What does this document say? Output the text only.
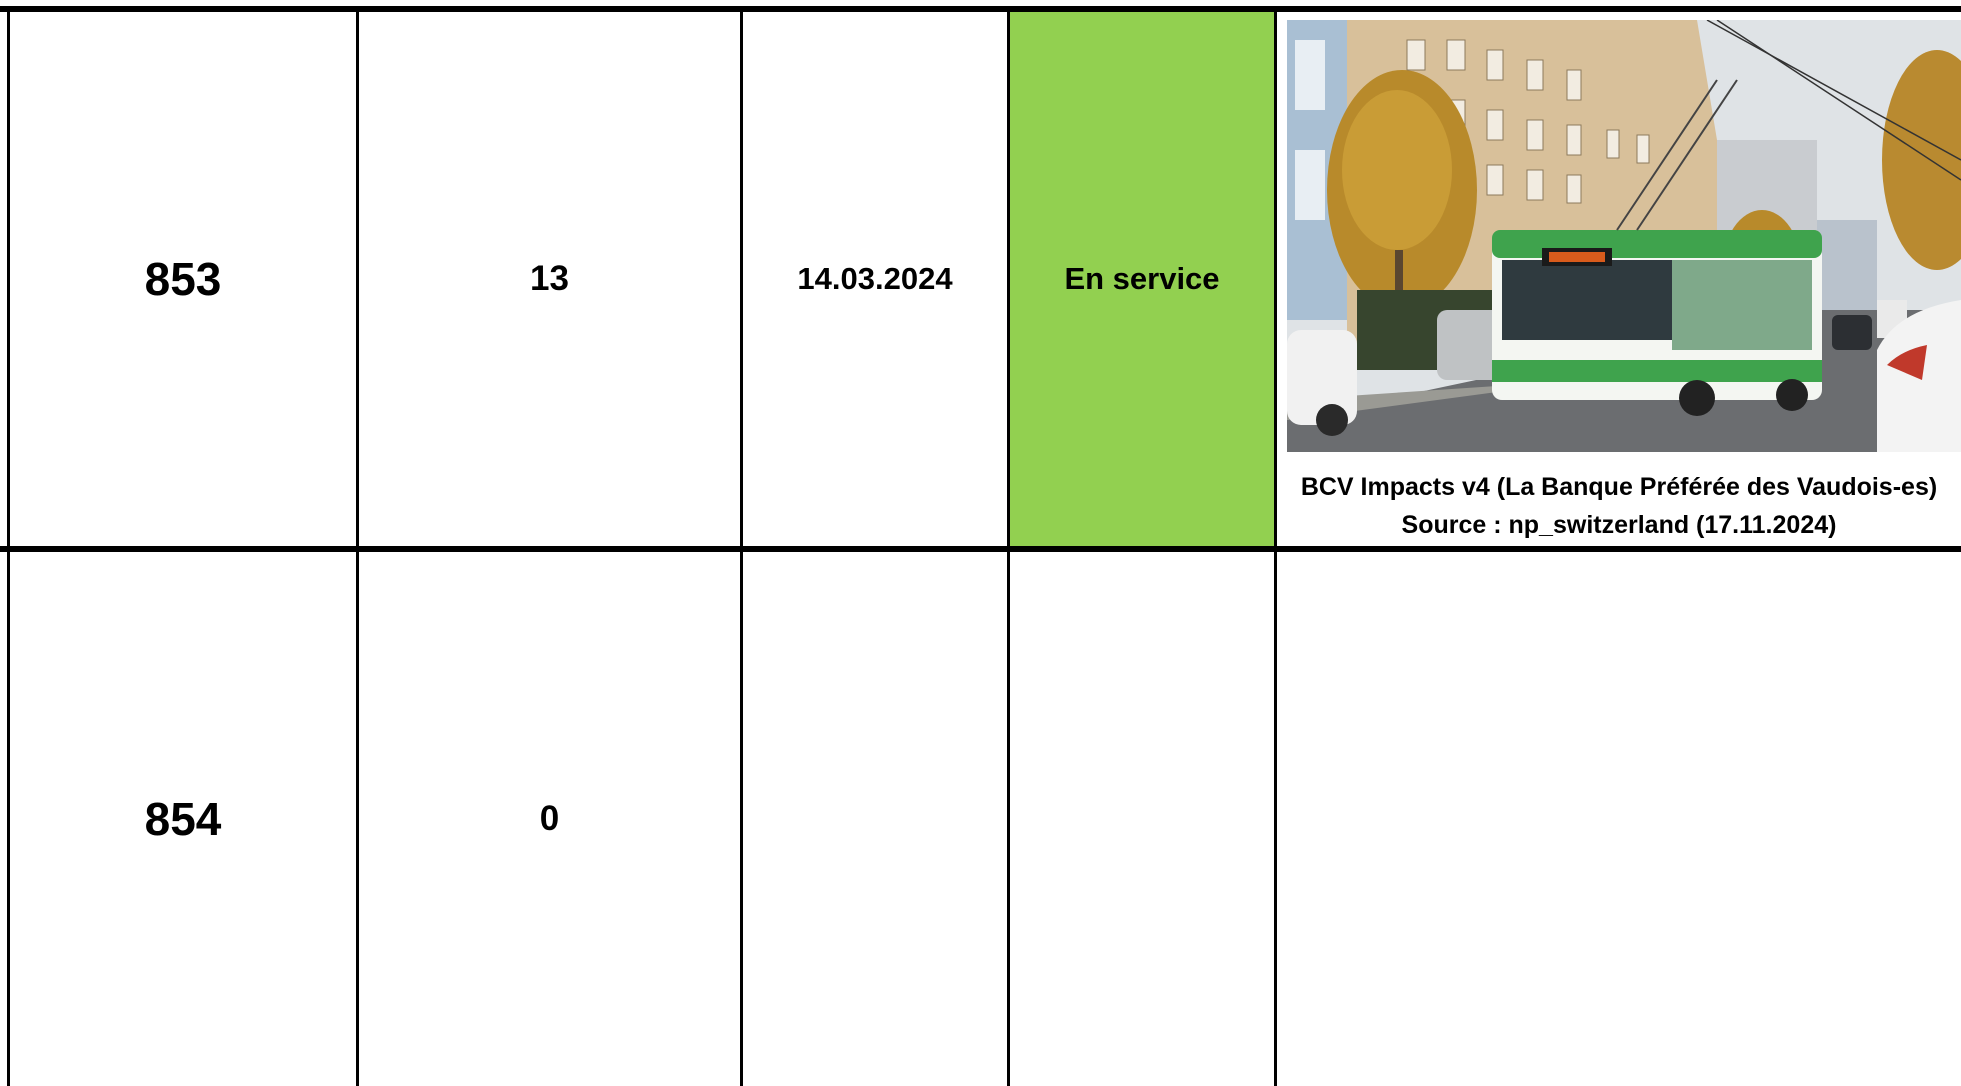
853	13	14.03.2024	En service
BCV Impacts v4 (La Banque Préférée des Vaudois-es)
Source : np_switzerland (17.11.2024)
854	0
